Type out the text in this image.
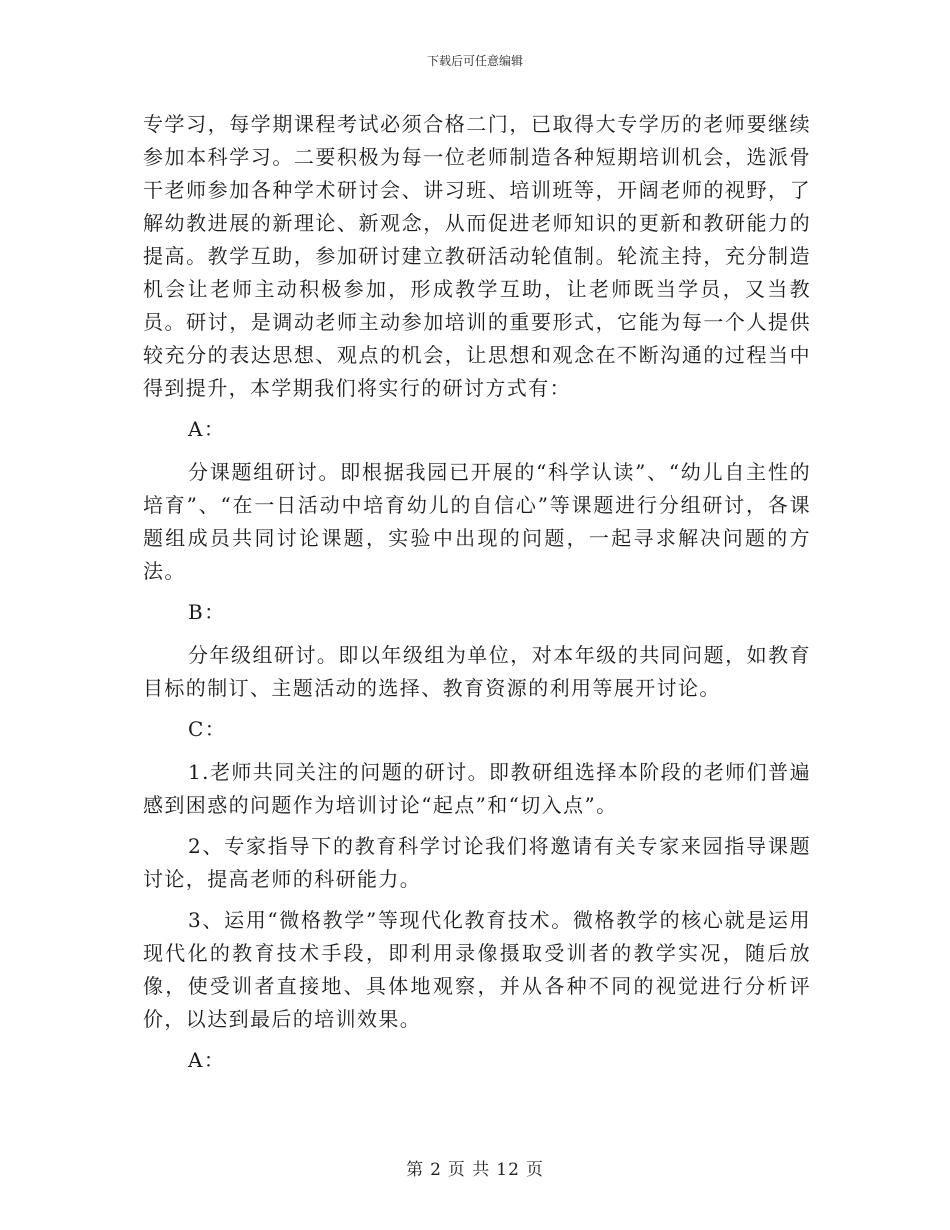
下载后可任意编辑

专学习，每学期课程考试必须合格二门，已取得大专学历的老师要继续参加本科学习。二要积极为每一位老师制造各种短期培训机会，选派骨干老师参加各种学术研讨会、讲习班、培训班等，开阔老师的视野，了解幼教进展的新理论、新观念，从而促进老师知识的更新和教研能力的提高。教学互助，参加研讨建立教研活动轮值制。轮流主持，充分制造机会让老师主动积极参加，形成教学互助，让老师既当学员，又当教员。研讨，是调动老师主动参加培训的重要形式，它能为每一个人提供较充分的表达思想、观点的机会，让思想和观念在不断沟通的过程当中得到提升，本学期我们将实行的研讨方式有：

A：

分课题组研讨。即根据我园已开展的“科学认读”、“幼儿自主性的培育”、“在一日活动中培育幼儿的自信心”等课题进行分组研讨，各课题组成员共同讨论课题，实验中出现的问题，一起寻求解决问题的方法。

B：

分年级组研讨。即以年级组为单位，对本年级的共同问题，如教育目标的制订、主题活动的选择、教育资源的利用等展开讨论。

C：

1.老师共同关注的问题的研讨。即教研组选择本阶段的老师们普遍感到困惑的问题作为培训讨论“起点”和“切入点”。

2、专家指导下的教育科学讨论我们将邀请有关专家来园指导课题讨论，提高老师的科研能力。

3、运用“微格教学”等现代化教育技术。微格教学的核心就是运用现代化的教育技术手段，即利用录像摄取受训者的教学实况，随后放像，使受训者直接地、具体地观察，并从各种不同的视觉进行分析评价，以达到最后的培训效果。

A：

第 2 页 共 12 页
